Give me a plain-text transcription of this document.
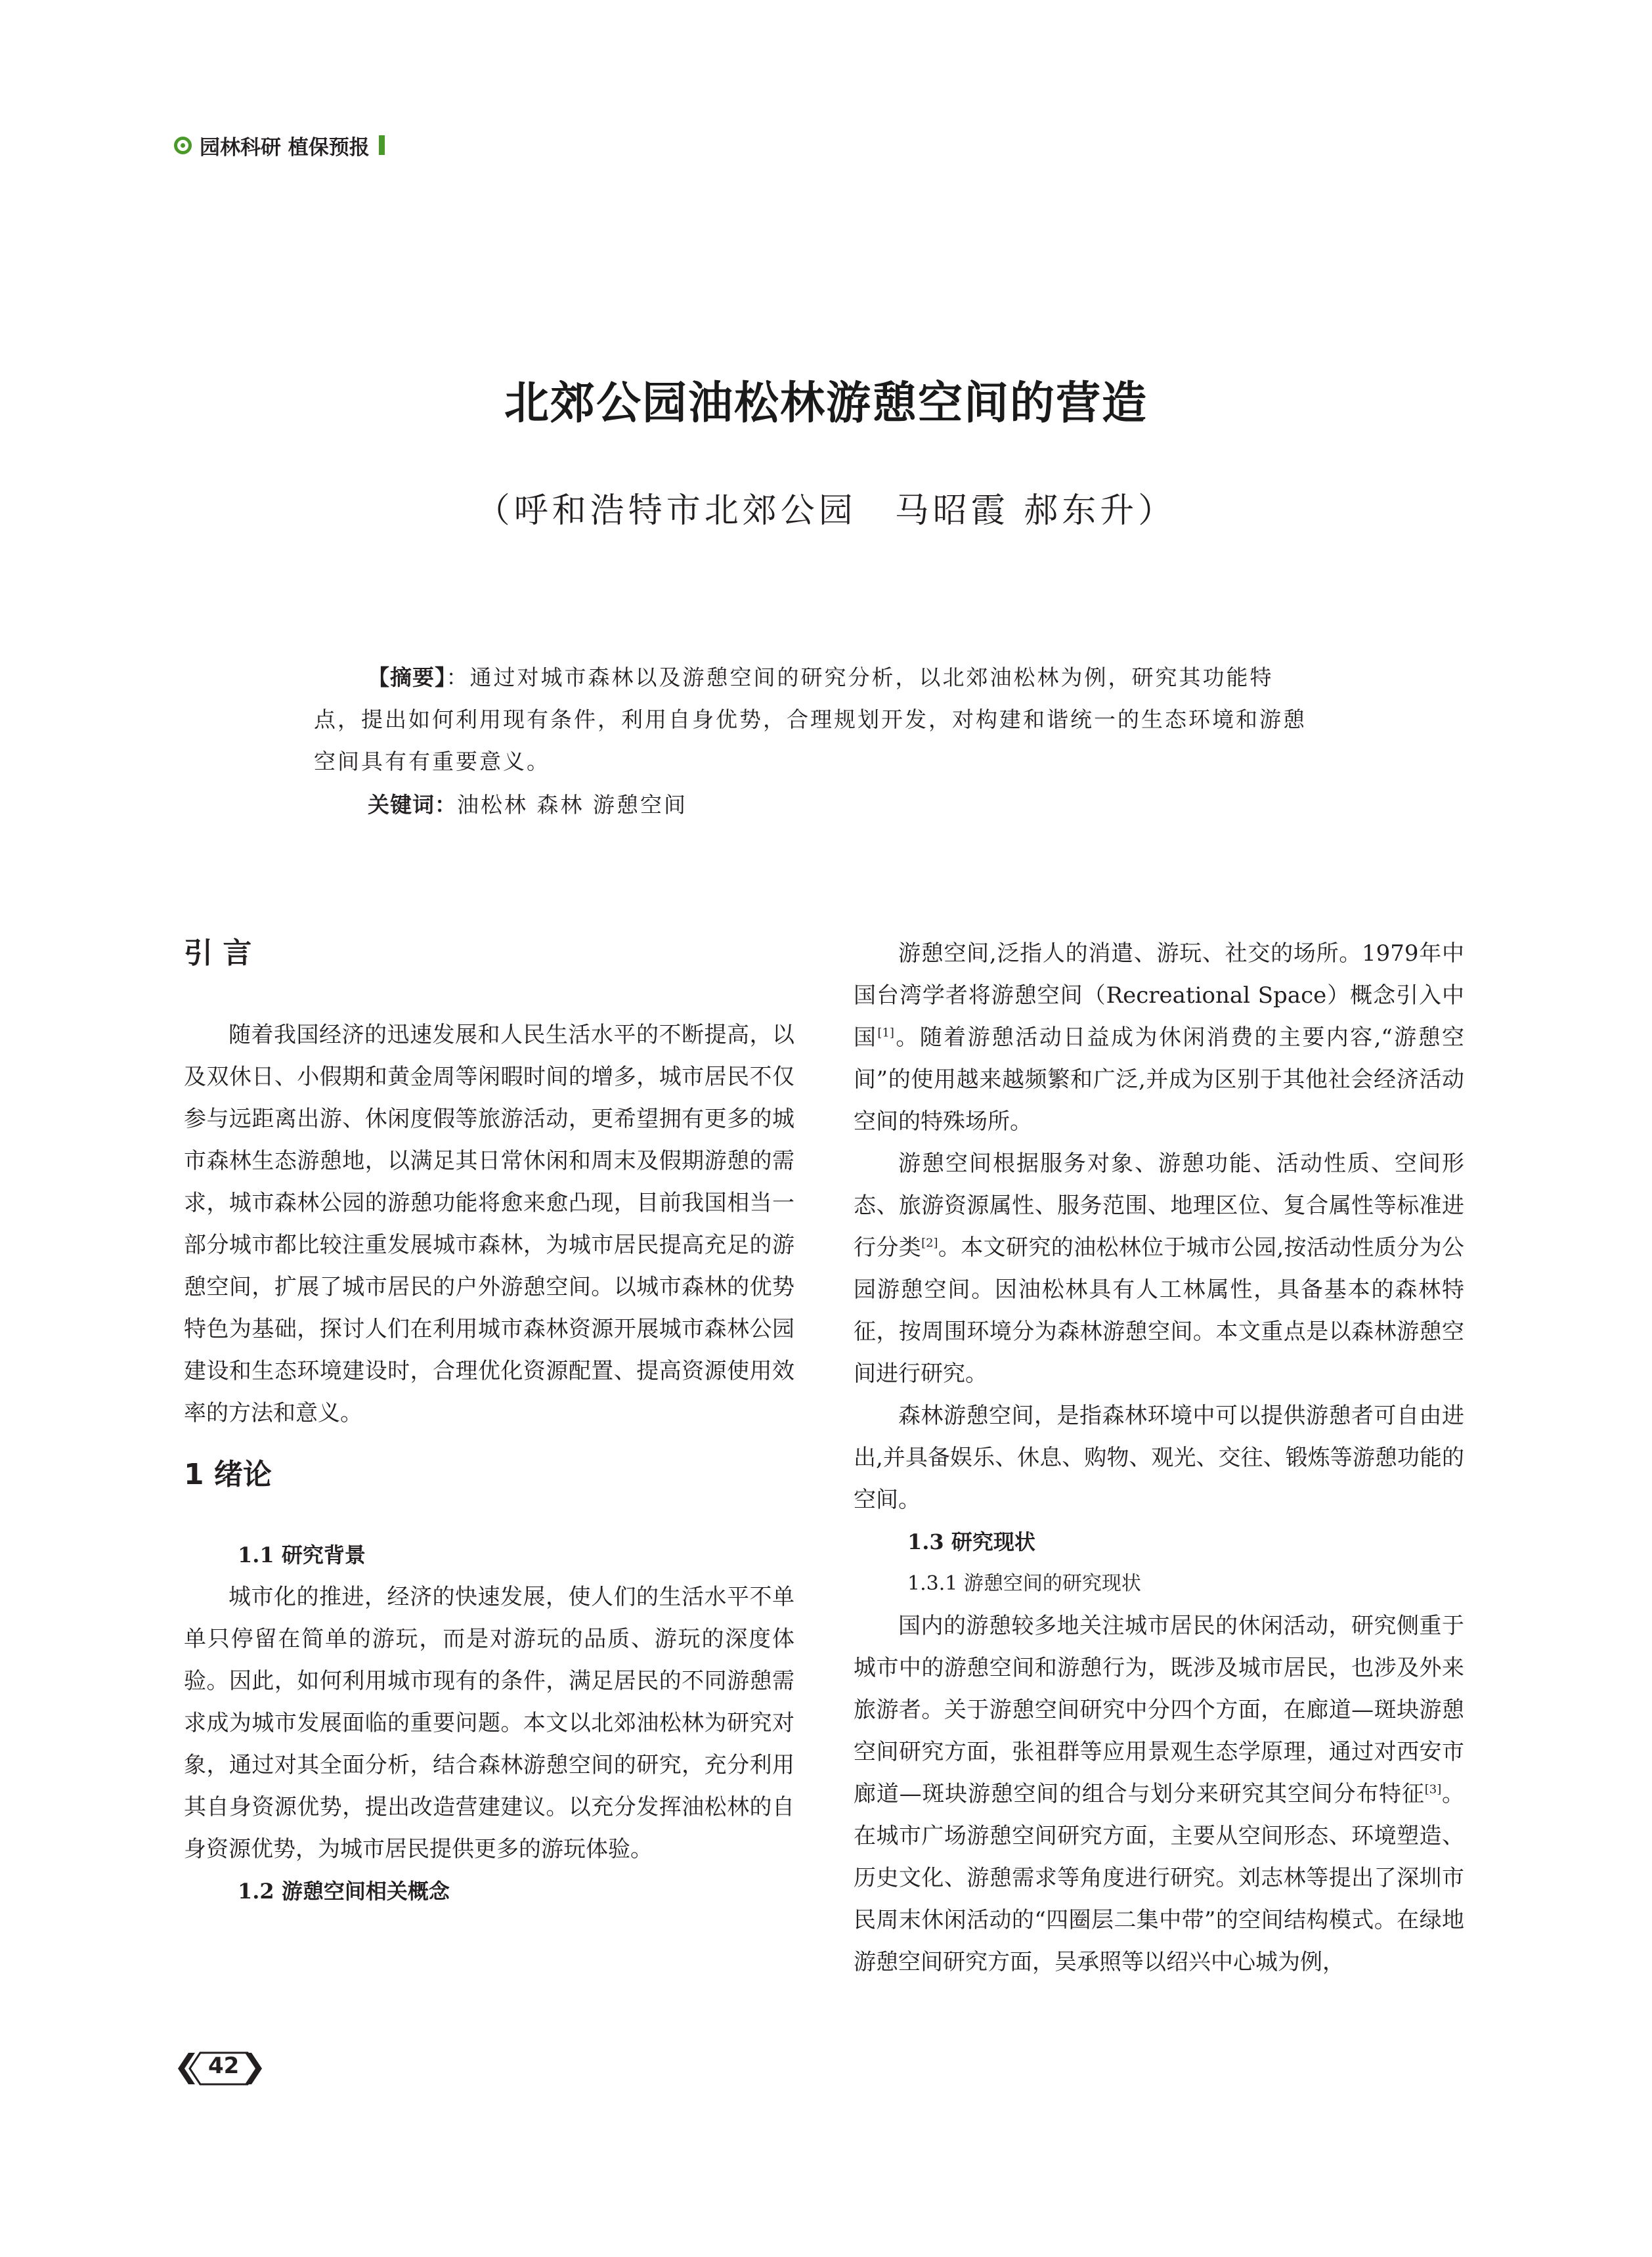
园林科研 植保预报
北郊公园油松林游憩空间的营造
（呼和浩特市北郊公园　马昭霞 郝东升）
【摘要】：通过对城市森林以及游憩空间的研究分析，以北郊油松林为例，研究其功能特
点，提出如何利用现有条件，利用自身优势，合理规划开发，对构建和谐统一的生态环境和游憩
空间具有有重要意义。
关键词：油松林 森林 游憩空间
引 言

随着我国经济的迅速发展和人民生活水平的不断提高，以及双休日、小假期和黄金周等闲暇时间的增多，城市居民不仅参与远距离出游、休闲度假等旅游活动，更希望拥有更多的城市森林生态游憩地，以满足其日常休闲和周末及假期游憩的需求，城市森林公园的游憩功能将愈来愈凸现，目前我国相当一部分城市都比较注重发展城市森林，为城市居民提高充足的游憩空间，扩展了城市居民的户外游憩空间。以城市森林的优势特色为基础，探讨人们在利用城市森林资源开展城市森林公园建设和生态环境建设时，合理优化资源配置、提高资源使用效率的方法和意义。

1 绪论
1.1 研究背景

城市化的推进，经济的快速发展，使人们的生活水平不单单只停留在简单的游玩，而是对游玩的品质、游玩的深度体验。因此，如何利用城市现有的条件，满足居民的不同游憩需求成为城市发展面临的重要问题。本文以北郊油松林为研究对象，通过对其全面分析，结合森林游憩空间的研究，充分利用其自身资源优势，提出改造营建建议。以充分发挥油松林的自身资源优势，为城市居民提供更多的游玩体验。

1.2 游憩空间相关概念

游憩空间,泛指人的消遣、游玩、社交的场所。1979年中国台湾学者将游憩空间（Recreational Space）概念引入中国[1]。随着游憩活动日益成为休闲消费的主要内容,“游憩空间”的使用越来越频繁和广泛,并成为区别于其他社会经济活动空间的特殊场所。

游憩空间根据服务对象、游憩功能、活动性质、空间形态、旅游资源属性、服务范围、地理区位、复合属性等标准进行分类[2]。本文研究的油松林位于城市公园,按活动性质分为公园游憩空间。因油松林具有人工林属性，具备基本的森林特征，按周围环境分为森林游憩空间。本文重点是以森林游憩空间进行研究。

森林游憩空间，是指森林环境中可以提供游憩者可自由进出,并具备娱乐、休息、购物、观光、交往、锻炼等游憩功能的空间。

1.3 研究现状
1.3.1 游憩空间的研究现状

国内的游憩较多地关注城市居民的休闲活动，研究侧重于城市中的游憩空间和游憩行为，既涉及城市居民，也涉及外来旅游者。关于游憩空间研究中分四个方面，在廊道—斑块游憩空间研究方面，张祖群等应用景观生态学原理，通过对西安市廊道—斑块游憩空间的组合与划分来研究其空间分布特征[3]。在城市广场游憩空间研究方面，主要从空间形态、环境塑造、历史文化、游憩需求等角度进行研究。刘志林等提出了深圳市民周末休闲活动的“四圈层二集中带”的空间结构模式。在绿地游憩空间研究方面，吴承照等以绍兴中心城为例，

42
